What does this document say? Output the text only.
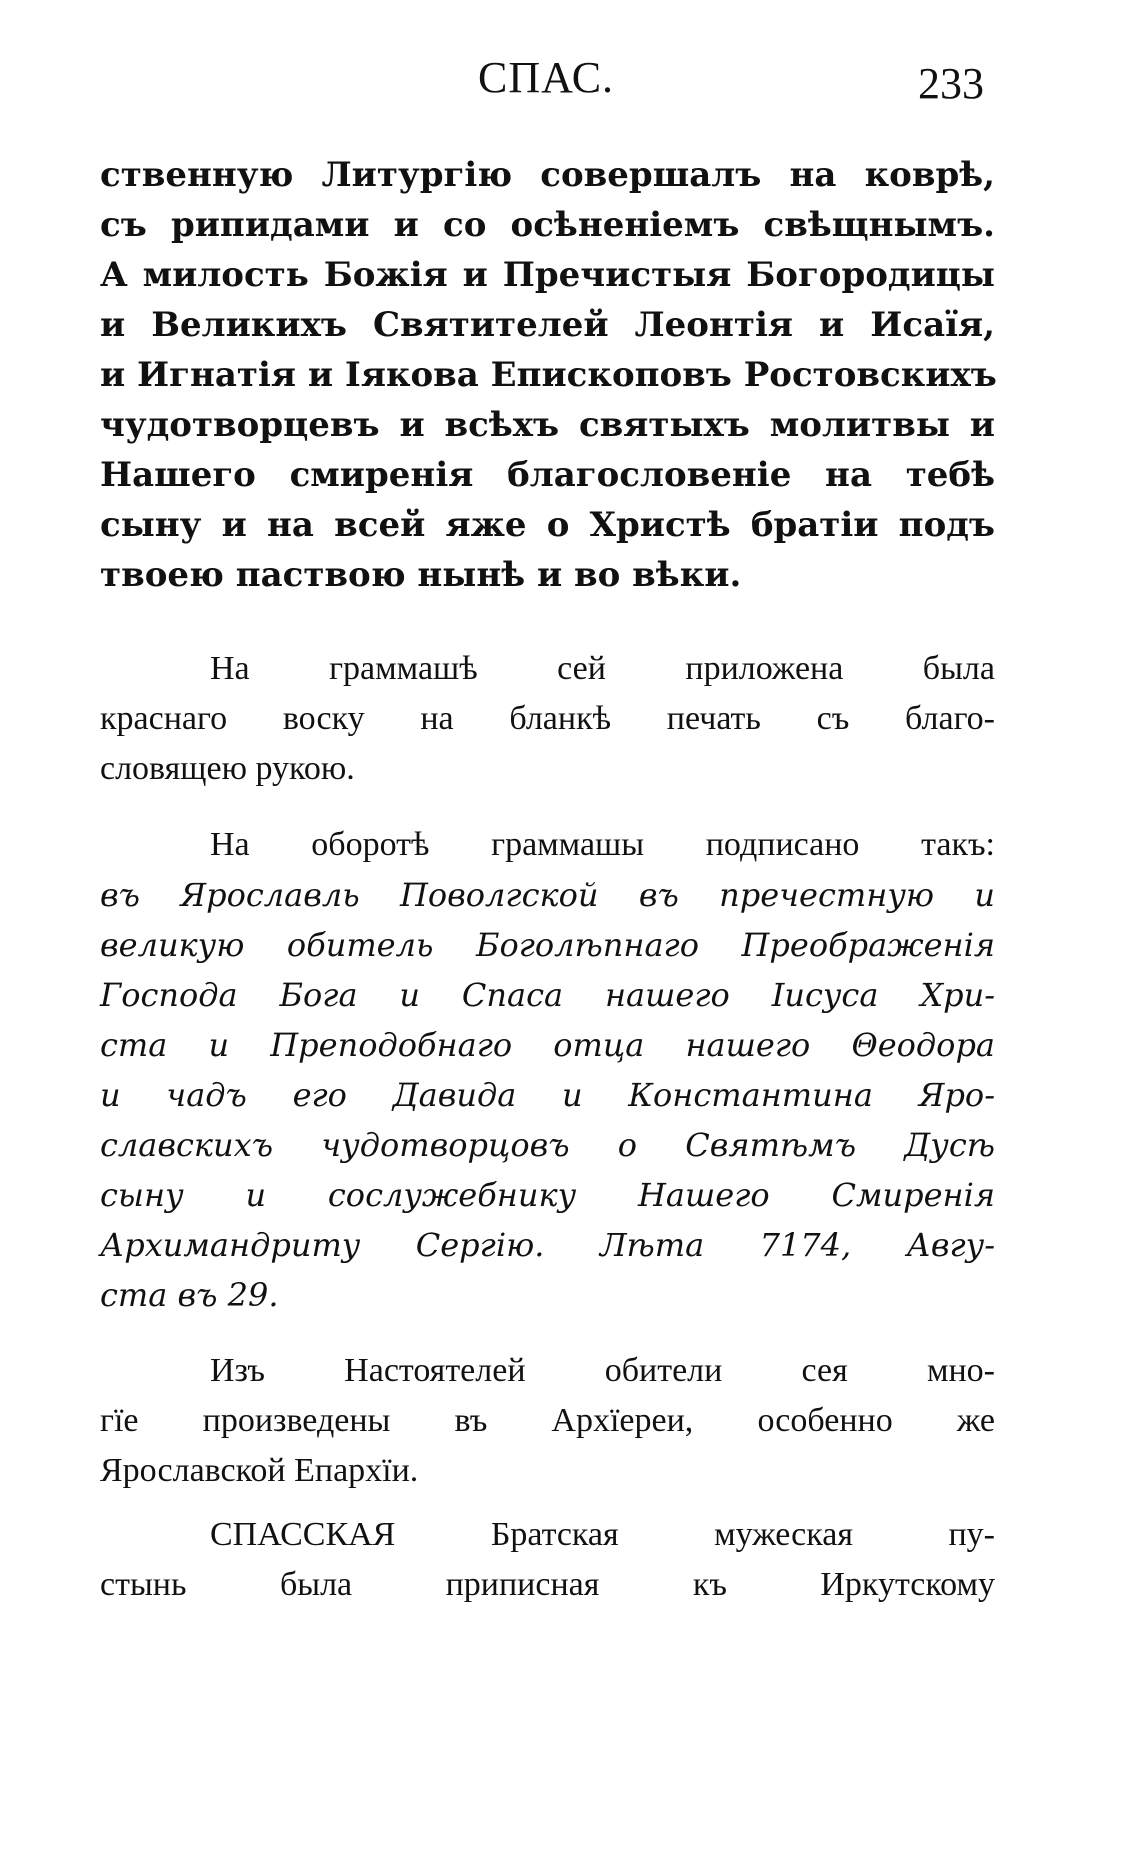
СПАС.	233
ственную Литургію совершалъ на коврѣ,
съ рипидами и со осѣненіемъ свѣщнымъ.
А милость Божія и Пречистыя Богородицы
и Великихъ Святителей Леонтія и Исаїя,
и Игнатія и Іякова Епископовъ Ростовскихъ
чудотворцевъ и всѣхъ святыхъ молитвы и
Нашего смиренія благословеніе на тебѣ
сыну и на всей яже о Христѣ братіи подъ
твоею паствою нынѣ и во вѣки.
На граммашѣ сей приложена была
краснаго воску на бланкѣ печать съ благо-
словящею рукою.
На оборотѣ граммашы подписано такъ:
въ Ярославль Поволгской въ пречестную и
великую обитель Боголѣпнаго Преображенія
Господа Бога и Спаса нашего Іисуса Хри-
ста и Преподобнаго отца нашего Θеодора
и чадъ его Давида и Константина Яро-
славскихъ чудотворцовъ о Святѣмъ Дусѣ
сыну и сослужебнику Нашего Смиренія
Архимандриту Сергію. Лѣта 7174, Авгу-
ста въ 29.
Изъ Настоятелей обители сея мно-
гїе произведены въ Архїереи, особенно же
Ярославской Епархїи.
СПАССКАЯ Братская мужеская пу-
стынь была приписная къ Иркутскому
